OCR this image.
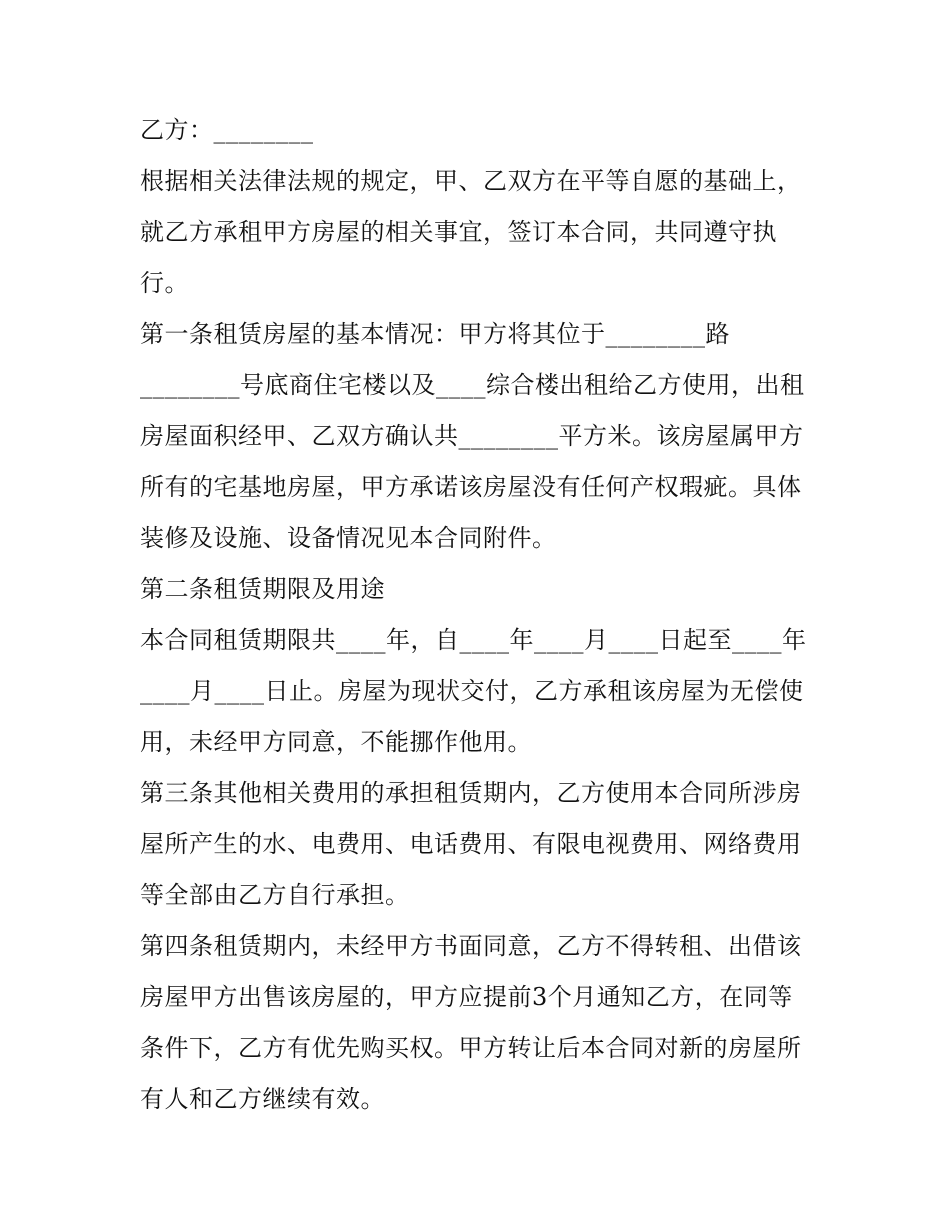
乙方：________
根据相关法律法规的规定，甲、乙双方在平等自愿的基础上，
就乙方承租甲方房屋的相关事宜，签订本合同，共同遵守执
行。
第一条租赁房屋的基本情况：甲方将其位于________路
________号底商住宅楼以及____综合楼出租给乙方使用，出租
房屋面积经甲、乙双方确认共________平方米。该房屋属甲方
所有的宅基地房屋，甲方承诺该房屋没有任何产权瑕疵。具体
装修及设施、设备情况见本合同附件。
第二条租赁期限及用途
本合同租赁期限共____年，自____年____月____日起至____年
____月____日止。房屋为现状交付，乙方承租该房屋为无偿使
用，未经甲方同意，不能挪作他用。
第三条其他相关费用的承担租赁期内，乙方使用本合同所涉房
屋所产生的水、电费用、电话费用、有限电视费用、网络费用
等全部由乙方自行承担。
第四条租赁期内，未经甲方书面同意，乙方不得转租、出借该
房屋甲方出售该房屋的，甲方应提前3个月通知乙方，在同等
条件下，乙方有优先购买权。甲方转让后本合同对新的房屋所
有人和乙方继续有效。
